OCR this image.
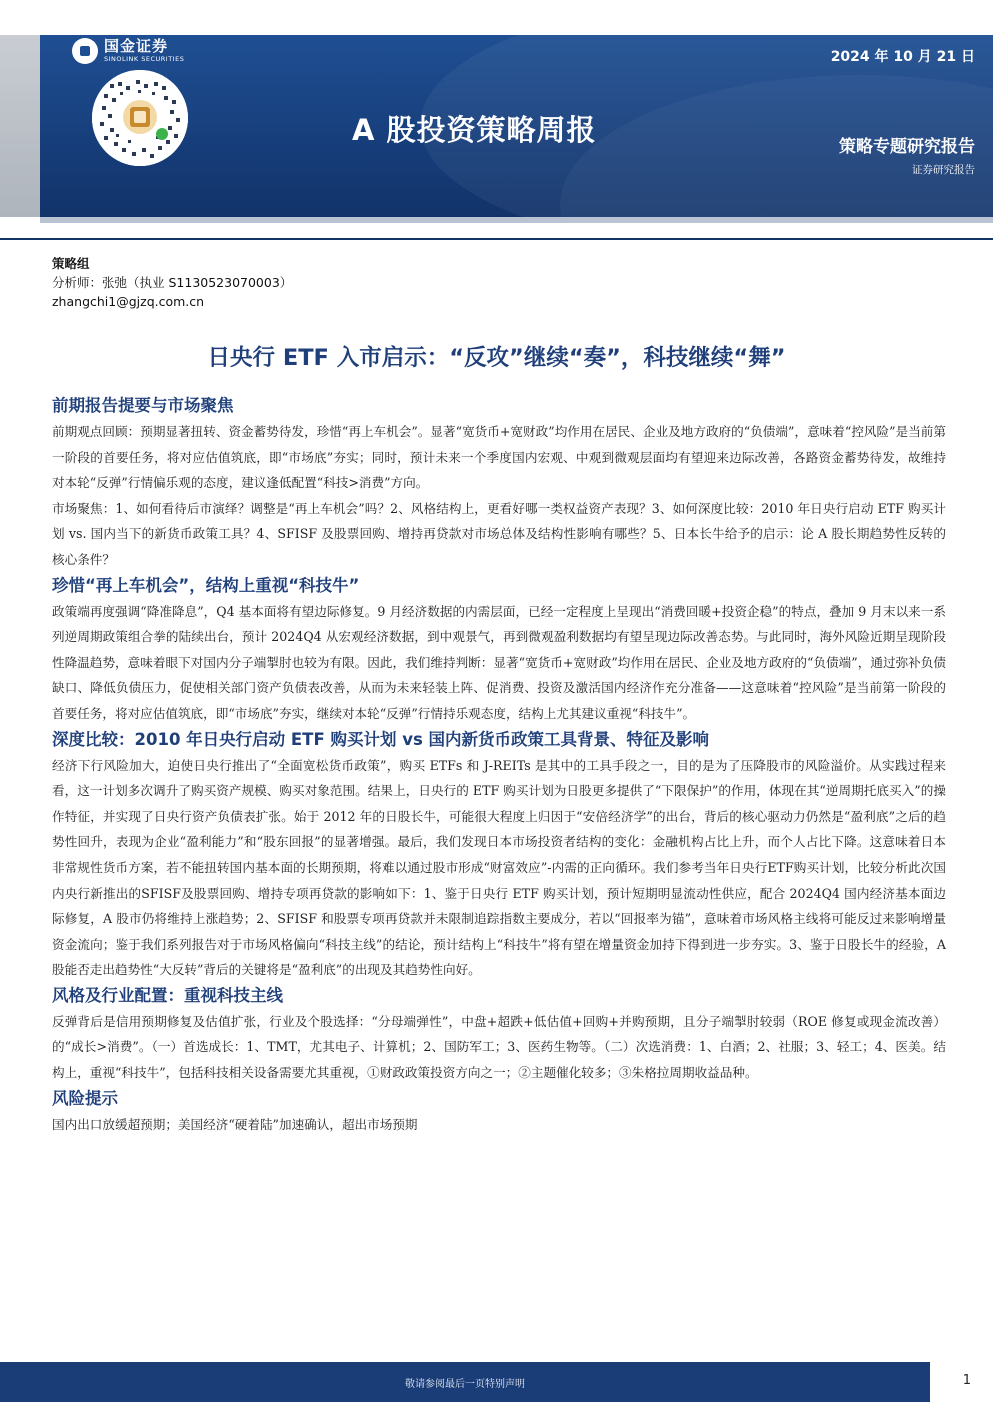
国金证券
SINOLINK SECURITIES	2024 年 10 月 21 日
A 股投资策略周报	策略专题研究报告
证券研究报告
策略组
分析师：张弛（执业 S1130523070003）
zhangchi1@gjzq.com.cn
日央行 ETF 入市启示：“反攻”继续“奏”，科技继续“舞”
前期报告提要与市场聚焦

前期观点回顾：预期显著扭转、资金蓄势待发，珍惜“再上车机会”。显著“宽货币+宽财政”均作用在居民、企业及地方政府的“负债端”，意味着“控风险”是当前第一阶段的首要任务，将对应估值筑底，即“市场底”夯实；同时，预计未来一个季度国内宏观、中观到微观层面均有望迎来边际改善，各路资金蓄势待发，故维持对本轮“反弹”行情偏乐观的态度，建议逢低配置“科技>消费”方向。

市场聚焦：1、如何看待后市演绎？调整是“再上车机会”吗？2、风格结构上，更看好哪一类权益资产表现？3、如何深度比较：2010 年日央行启动 ETF 购买计划 vs. 国内当下的新货币政策工具？4、SFISF 及股票回购、增持再贷款对市场总体及结构性影响有哪些？5、日本长牛给予的启示：论 A 股长期趋势性反转的核心条件？

珍惜“再上车机会”，结构上重视“科技牛”

政策端再度强调“降准降息”，Q4 基本面将有望边际修复。9 月经济数据的内需层面，已经一定程度上呈现出“消费回暖+投资企稳”的特点，叠加 9 月末以来一系列逆周期政策组合拳的陆续出台，预计 2024Q4 从宏观经济数据，到中观景气，再到微观盈利数据均有望呈现边际改善态势。与此同时，海外风险近期呈现阶段性降温趋势，意味着眼下对国内分子端掣肘也较为有限。因此，我们维持判断：显著“宽货币+宽财政”均作用在居民、企业及地方政府的“负债端”，通过弥补负债缺口、降低负债压力，促使相关部门资产负债表改善，从而为未来轻装上阵、促消费、投资及激活国内经济作充分准备——这意味着“控风险”是当前第一阶段的首要任务，将对应估值筑底，即“市场底”夯实，继续对本轮“反弹”行情持乐观态度，结构上尤其建议重视“科技牛”。

深度比较：2010 年日央行启动 ETF 购买计划 vs 国内新货币政策工具背景、特征及影响

经济下行风险加大，迫使日央行推出了“全面宽松货币政策”，购买 ETFs 和 J-REITs 是其中的工具手段之一，目的是为了压降股市的风险溢价。从实践过程来看，这一计划多次调升了购买资产规模、购买对象范围。结果上，日央行的 ETF 购买计划为日股更多提供了“下限保护”的作用，体现在其“逆周期托底买入”的操作特征，并实现了日央行资产负债表扩张。始于 2012 年的日股长牛，可能很大程度上归因于“安倍经济学”的出台，背后的核心驱动力仍然是“盈利底”之后的趋势性回升，表现为企业“盈利能力”和“股东回报”的显著增强。最后，我们发现日本市场投资者结构的变化：金融机构占比上升，而个人占比下降。这意味着日本非常规性货币方案，若不能扭转国内基本面的长期预期，将难以通过股市形成“财富效应”-内需的正向循环。我们参考当年日央行ETF购买计划，比较分析此次国内央行新推出的SFISF及股票回购、增持专项再贷款的影响如下：1、鉴于日央行 ETF 购买计划，预计短期明显流动性供应，配合 2024Q4 国内经济基本面边际修复，A 股市仍将维持上涨趋势；2、SFISF 和股票专项再贷款并未限制追踪指数主要成分，若以“回报率为锚”，意味着市场风格主线将可能反过来影响增量资金流向；鉴于我们系列报告对于市场风格偏向“科技主线”的结论，预计结构上“科技牛”将有望在增量资金加持下得到进一步夯实。3、鉴于日股长牛的经验，A 股能否走出趋势性“大反转”背后的关键将是“盈利底”的出现及其趋势性向好。

风格及行业配置：重视科技主线

反弹背后是信用预期修复及估值扩张，行业及个股选择：“分母端弹性”，中盘+超跌+低估值+回购+并购预期，且分子端掣肘较弱（ROE 修复或现金流改善）的“成长>消费”。（一）首选成长：1、TMT，尤其电子、计算机；2、国防军工；3、医药生物等。（二）次选消费：1、白酒；2、社服；3、轻工；4、医美。结构上，重视“科技牛”，包括科技相关设备需要尤其重视，①财政政策投资方向之一；②主题催化较多；③朱格拉周期收益品种。

风险提示

国内出口放缓超预期；美国经济“硬着陆”加速确认，超出市场预期

敬请参阅最后一页特别声明	1
